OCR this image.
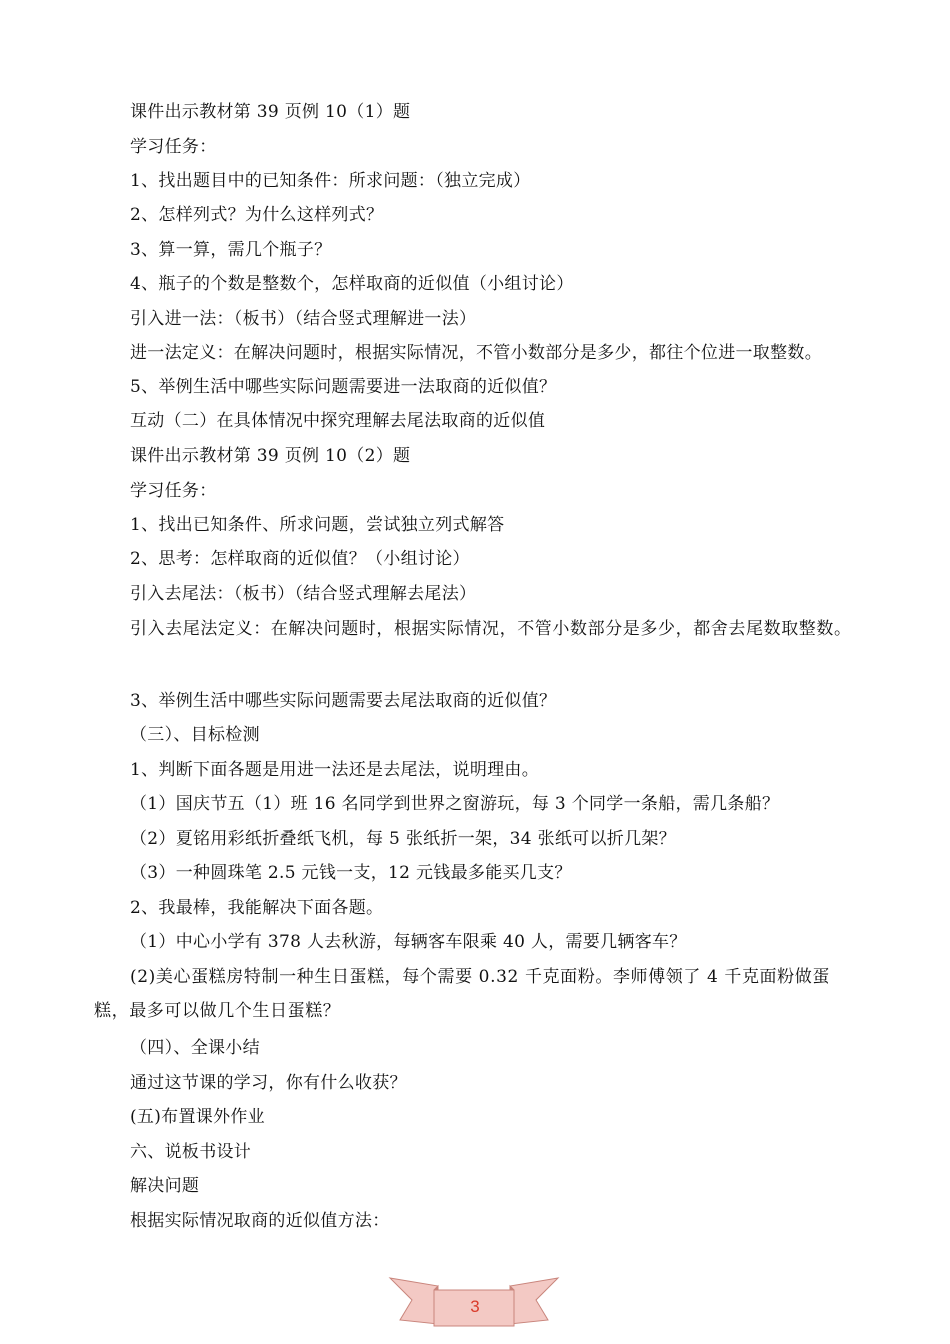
课件出示教材第 39 页例 10（1）题
学习任务：
1、找出题目中的已知条件：所求问题：（独立完成）
2、怎样列式？为什么这样列式？
3、算一算，需几个瓶子？
4、瓶子的个数是整数个，怎样取商的近似值（小组讨论）
引入进一法：（板书）（结合竖式理解进一法）
进一法定义：在解决问题时，根据实际情况，不管小数部分是多少，都往个位进一取整数。
5、举例生活中哪些实际问题需要进一法取商的近似值？
互动（二）在具体情况中探究理解去尾法取商的近似值
课件出示教材第 39 页例 10（2）题
学习任务：
1、找出已知条件、所求问题，尝试独立列式解答
2、思考：怎样取商的近似值？（小组讨论）
引入去尾法：（板书）（结合竖式理解去尾法）
引入去尾法定义：在解决问题时，根据实际情况，不管小数部分是多少，都舍去尾数取整数。
3、举例生活中哪些实际问题需要去尾法取商的近似值？
（三）、目标检测
1、判断下面各题是用进一法还是去尾法，说明理由。
（1）国庆节五（1）班 16 名同学到世界之窗游玩，每 3 个同学一条船，需几条船？
（2）夏铭用彩纸折叠纸飞机，每 5 张纸折一架，34 张纸可以折几架？
（3）一种圆珠笔 2.5 元钱一支，12 元钱最多能买几支？
2、我最棒，我能解决下面各题。
（1）中心小学有 378 人去秋游，每辆客车限乘 40 人，需要几辆客车？
(2)美心蛋糕房特制一种生日蛋糕，每个需要 0.32 千克面粉。李师傅领了 4 千克面粉做蛋糕，最多可以做几个生日蛋糕？
（四）、全课小结
通过这节课的学习，你有什么收获？
(五)布置课外作业
六、说板书设计
解决问题
根据实际情况取商的近似值方法：
3
